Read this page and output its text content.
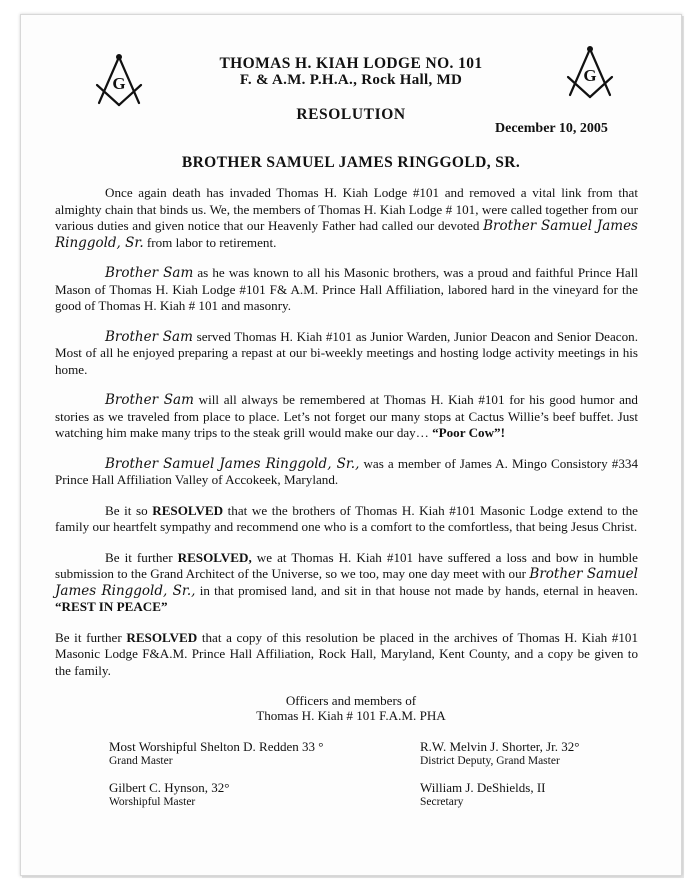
G	G
THOMAS H. KIAH LODGE NO. 101
F. & A.M. P.H.A., Rock Hall, MD
RESOLUTION
December 10, 2005
BROTHER SAMUEL JAMES RINGGOLD, SR.

Once again death has invaded Thomas H. Kiah Lodge #101 and removed a vital link from that almighty chain that binds us. We, the members of Thomas H. Kiah Lodge # 101, were called together from our various duties and given notice that our Heavenly Father had called our devoted Brother Samuel James Ringgold, Sr. from labor to retirement.

Brother Sam as he was known to all his Masonic brothers, was a proud and faithful Prince Hall Mason of Thomas H. Kiah Lodge #101 F& A.M. Prince Hall Affiliation, labored hard in the vineyard for the good of Thomas H. Kiah # 101 and masonry.

Brother Sam served Thomas H. Kiah #101 as Junior Warden, Junior Deacon and Senior Deacon. Most of all he enjoyed preparing a repast at our bi-weekly meetings and hosting lodge activity meetings in his home.

Brother Sam will all always be remembered at Thomas H. Kiah #101 for his good humor and stories as we traveled from place to place. Let’s not forget our many stops at Cactus Willie’s beef buffet. Just watching him make many trips to the steak grill would make our day… “Poor Cow”!

Brother Samuel James Ringgold, Sr., was a member of James A. Mingo Consistory #334 Prince Hall Affiliation Valley of Accokeek, Maryland.

Be it so RESOLVED that we the brothers of Thomas H. Kiah #101 Masonic Lodge extend to the family our heartfelt sympathy and recommend one who is a comfort to the comfortless, that being Jesus Christ.

Be it further RESOLVED, we at Thomas H. Kiah #101 have suffered a loss and bow in humble submission to the Grand Architect of the Universe, so we too, may one day meet with our Brother Samuel James Ringgold, Sr., in that promised land, and sit in that house not made by hands, eternal in heaven. “REST IN PEACE”

Be it further RESOLVED that a copy of this resolution be placed in the archives of Thomas H. Kiah #101 Masonic Lodge F&A.M. Prince Hall Affiliation, Rock Hall, Maryland, Kent County, and a copy be given to the family.

Officers and members of
Thomas H. Kiah # 101 F.A.M. PHA
Most Worshipful Shelton D. Redden 33 °
Grand Master
R.W. Melvin J. Shorter, Jr. 32°
District Deputy, Grand Master
Gilbert C. Hynson, 32°
Worshipful Master
William J. DeShields, II
Secretary
